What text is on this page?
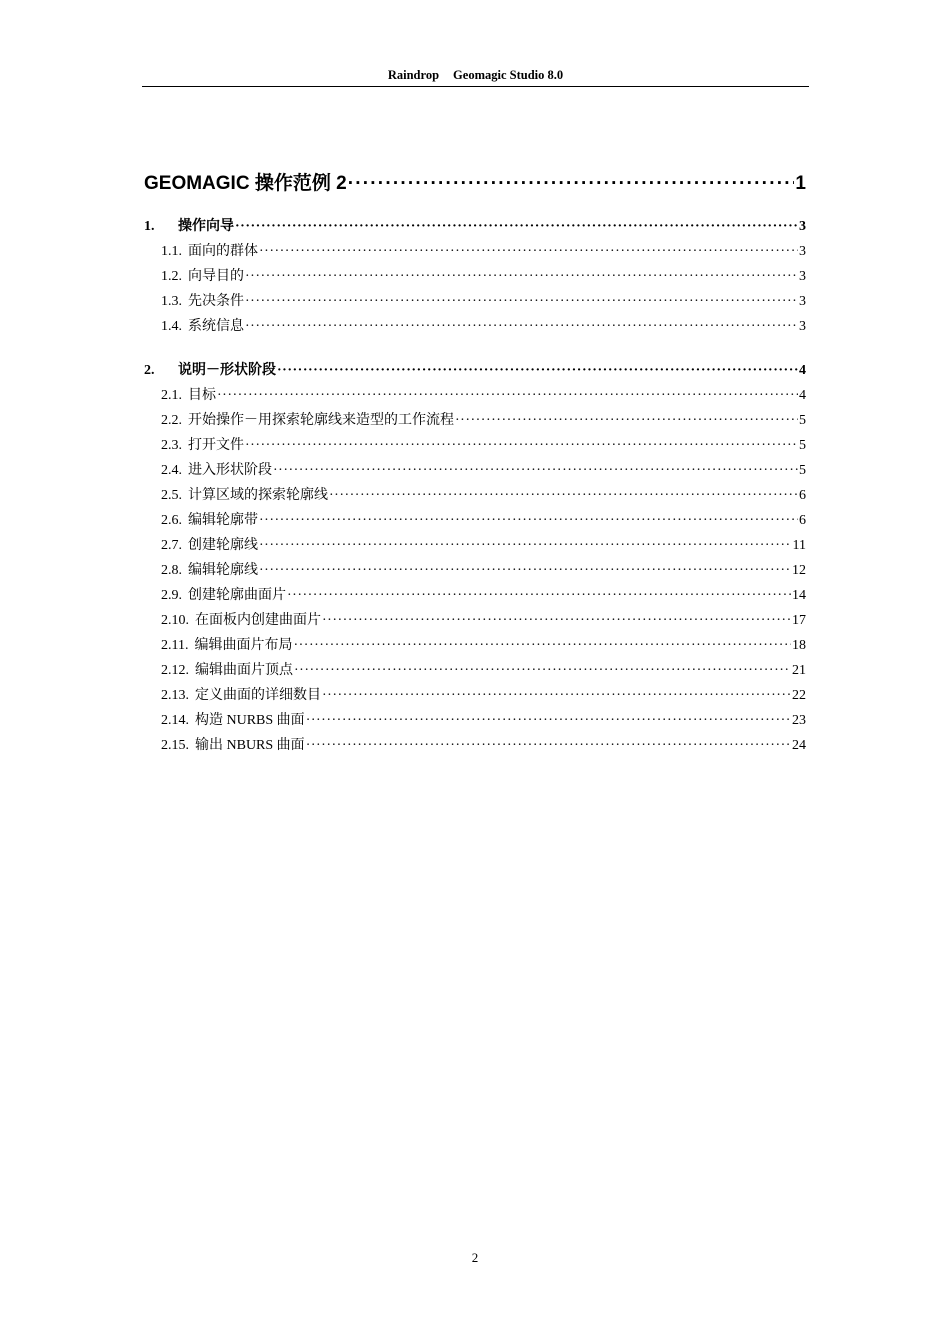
Raindrop Geomagic Studio 8.0
GEOMAGIC 操作范例 2 ·····	1
1. 操作向导 ·····	3
1.1. 面向的群体 ·····	3
1.2. 向导目的 ·····	3
1.3. 先决条件 ·····	3
1.4. 系统信息 ·····	3
2. 说明－形状阶段 ·····	4
2.1. 目标 ·····	4
2.2. 开始操作－用探索轮廓线来造型的工作流程 ·····	5
2.3. 打开文件 ·····	5
2.4. 进入形状阶段 ·····	5
2.5. 计算区域的探索轮廓线 ·····	6
2.6. 编辑轮廓带 ·····	6
2.7. 创建轮廓线 ·····	11
2.8. 编辑轮廓线 ·····	12
2.9. 创建轮廓曲面片 ·····	14
2.10. 在面板内创建曲面片 ·····	17
2.11. 编辑曲面片布局 ·····	18
2.12. 编辑曲面片顶点 ·····	21
2.13. 定义曲面的详细数目 ·····	22
2.14. 构造 NURBS 曲面 ·····	23
2.15. 输出 NBURS 曲面 ·····	24
2
